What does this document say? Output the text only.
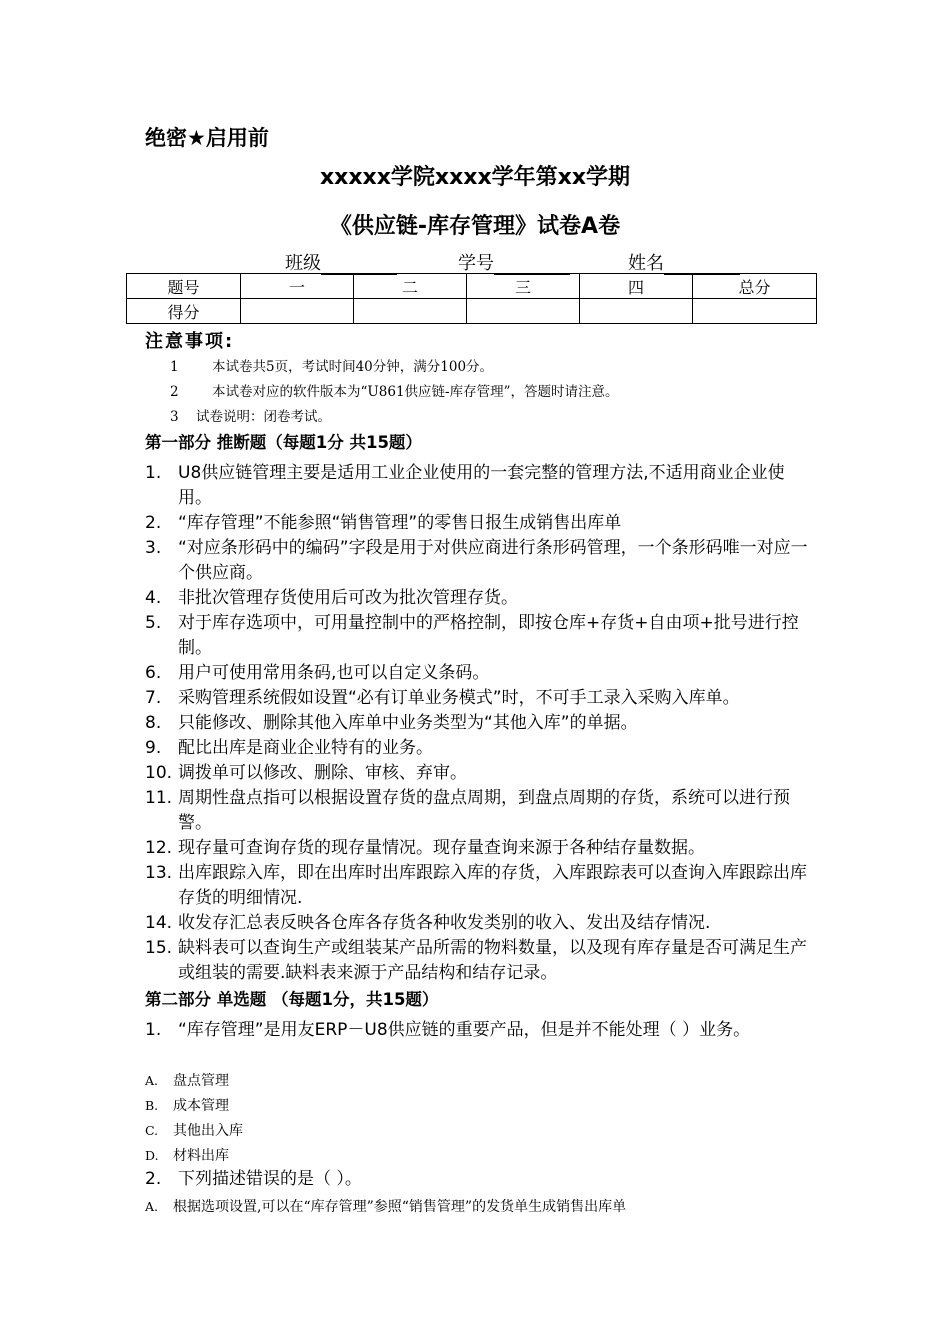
绝密★启用前
xxxxx学院xxxx学年第xx学期
《供应链-库存管理》试卷A卷
班级	学号	姓名
题号	一	二	三	四	总分
得分					
注意事项:
1 本试卷共5页，考试时间40分钟，满分100分。
2 本试卷对应的软件版本为“U861供应链-库存管理”，答题时请注意。
3 试卷说明：闭卷考试。
第一部分 推断题（每题1分 共15题）
1. U8供应链管理主要是适用工业企业使用的一套完整的管理方法,不适用商业企业使用。
2. “库存管理”不能参照“销售管理”的零售日报生成销售出库单
3. “对应条形码中的编码”字段是用于对供应商进行条形码管理，一个条形码唯一对应一个供应商。
4. 非批次管理存货使用后可改为批次管理存货。
5. 对于库存选项中，可用量控制中的严格控制，即按仓库+存货+自由项+批号进行控制。
6. 用户可使用常用条码,也可以自定义条码。
7. 采购管理系统假如设置“必有订单业务模式”时，不可手工录入采购入库单。
8. 只能修改、删除其他入库单中业务类型为“其他入库”的单据。
9. 配比出库是商业企业特有的业务。
10. 调拨单可以修改、删除、审核、弃审。
11. 周期性盘点指可以根据设置存货的盘点周期，到盘点周期的存货，系统可以进行预警。
12. 现存量可查询存货的现存量情况。现存量查询来源于各种结存量数据。
13. 出库跟踪入库，即在出库时出库跟踪入库的存货，入库跟踪表可以查询入库跟踪出库存货的明细情况.
14. 收发存汇总表反映各仓库各存货各种收发类别的收入、发出及结存情况.
15. 缺料表可以查询生产或组装某产品所需的物料数量，以及现有库存量是否可满足生产或组装的需要.缺料表来源于产品结构和结存记录。
第二部分 单选题 （每题1分，共15题）
1. “库存管理”是用友ERP－U8供应链的重要产品，但是并不能处理（ ）业务。
A. 盘点管理
B. 成本管理
C. 其他出入库
D. 材料出库
2. 下列描述错误的是（ ）。
A. 根据选项设置,可以在“库存管理”参照“销售管理”的发货单生成销售出库单
